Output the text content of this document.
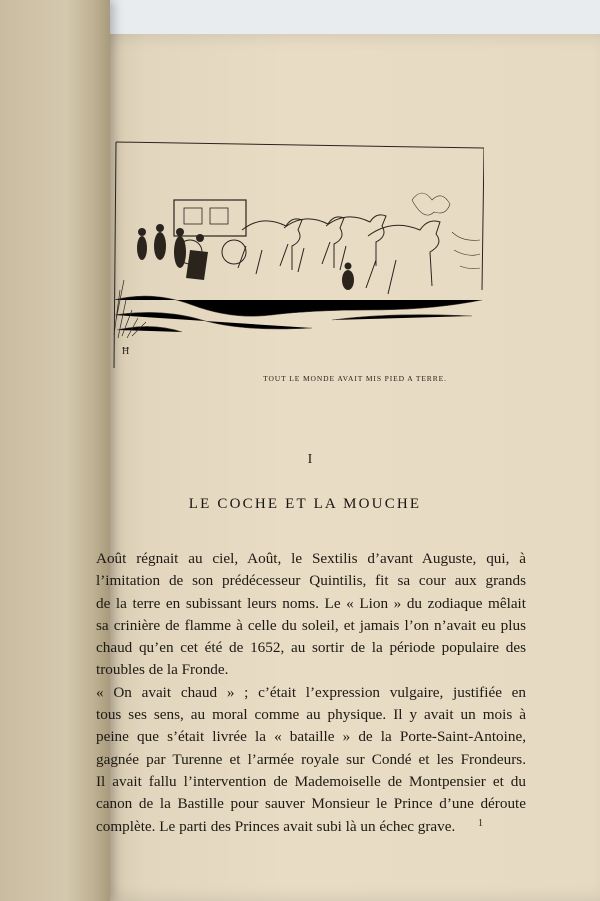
Ħ
TOUT LE MONDE AVAIT MIS PIED A TERRE.
I
LE COCHE ET LA MOUCHE
Août régnait au ciel, Août, le Sextilis d’avant Auguste, qui, à
l’imitation de son prédécesseur Quintilis, fit sa cour aux grands
de la terre en subissant leurs noms. Le « Lion » du zodiaque mêlait
sa crinière de flamme à celle du soleil, et jamais l’on n’avait eu plus
chaud qu’en cet été de 1652, au sortir de la période populaire des
troubles de la Fronde.
« On avait chaud » ; c’était l’expression vulgaire, justifiée en
tous ses sens, au moral comme au physique. Il y avait un mois à
peine que s’était livrée la « bataille » de la Porte-Saint-Antoine,
gagnée par Turenne et l’armée royale sur Condé et les Frondeurs.
Il avait fallu l’intervention de Mademoiselle de Montpensier et du
canon de la Bastille pour sauver Monsieur le Prince d’une déroute
complète. Le parti des Princes avait subi là un échec grave.	1
